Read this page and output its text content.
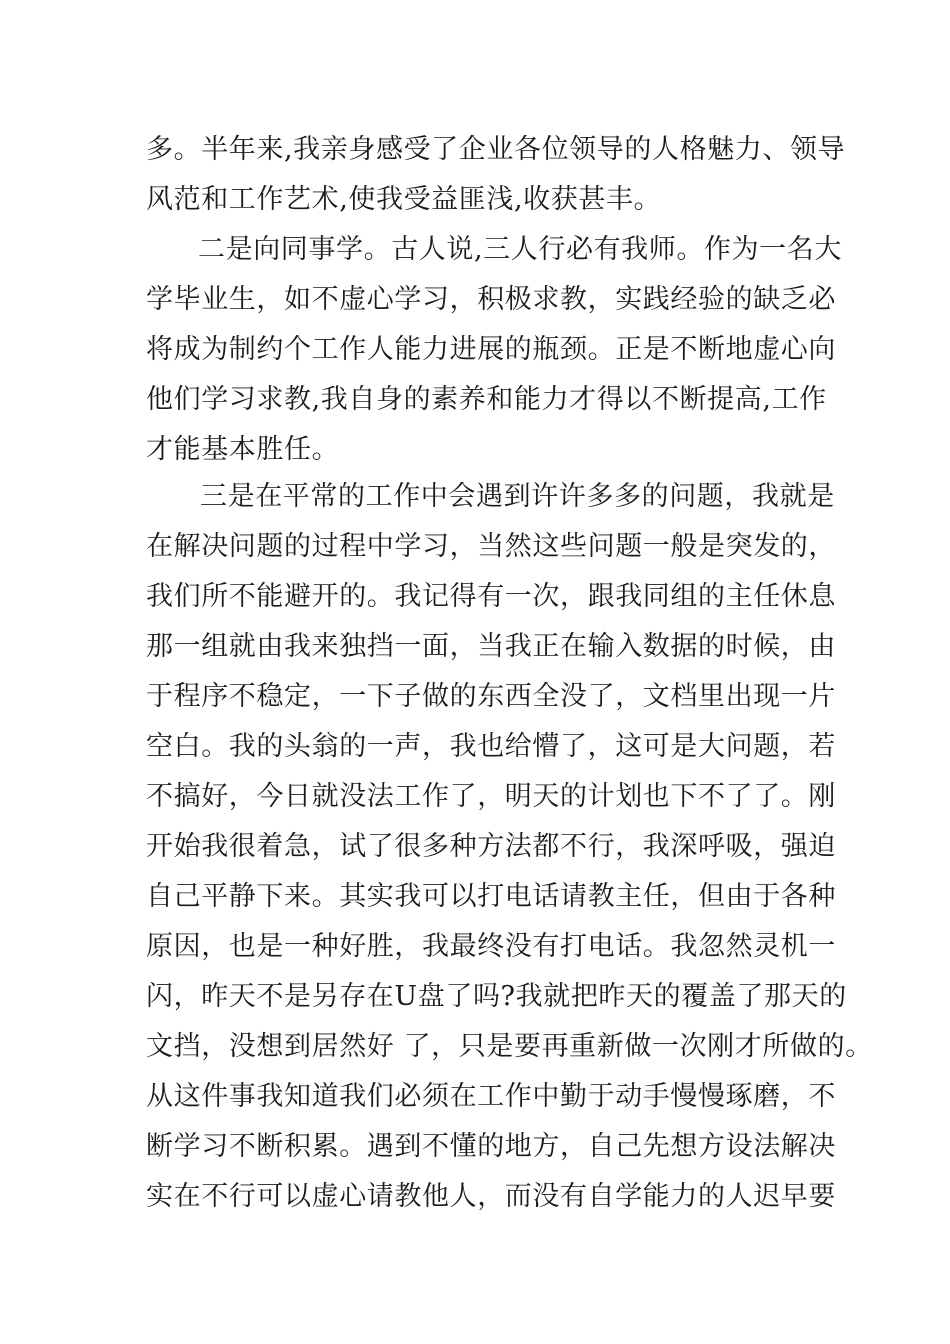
多。半年来,我亲身感受了企业各位领导的人格魅力、领导
风范和工作艺术,使我受益匪浅,收获甚丰。
二是向同事学。古人说,三人行必有我师。作为一名大
学毕业生，如不虚心学习，积极求教，实践经验的缺乏必
将成为制约个工作人能力进展的瓶颈。正是不断地虚心向
他们学习求教,我自身的素养和能力才得以不断提高,工作
才能基本胜任。
三是在平常的工作中会遇到许许多多的问题，我就是
在解决问题的过程中学习，当然这些问题一般是突发的，
我们所不能避开的。我记得有一次，跟我同组的主任休息
那一组就由我来独挡一面，当我正在输入数据的时候，由
于程序不稳定，一下子做的东西全没了，文档里出现一片
空白。我的头翁的一声，我也给懵了，这可是大问题，若
不搞好，今日就没法工作了，明天的计划也下不了了。刚
开始我很着急，试了很多种方法都不行，我深呼吸，强迫
自己平静下来。其实我可以打电话请教主任，但由于各种
原因，也是一种好胜，我最终没有打电话。我忽然灵机一
闪，昨天不是另存在U盘了吗?我就把昨天的覆盖了那天的
文挡，没想到居然好 了，只是要再重新做一次刚才所做的。
从这件事我知道我们必须在工作中勤于动手慢慢琢磨，不
断学习不断积累。遇到不懂的地方，自己先想方设法解决
实在不行可以虚心请教他人，而没有自学能力的人迟早要
